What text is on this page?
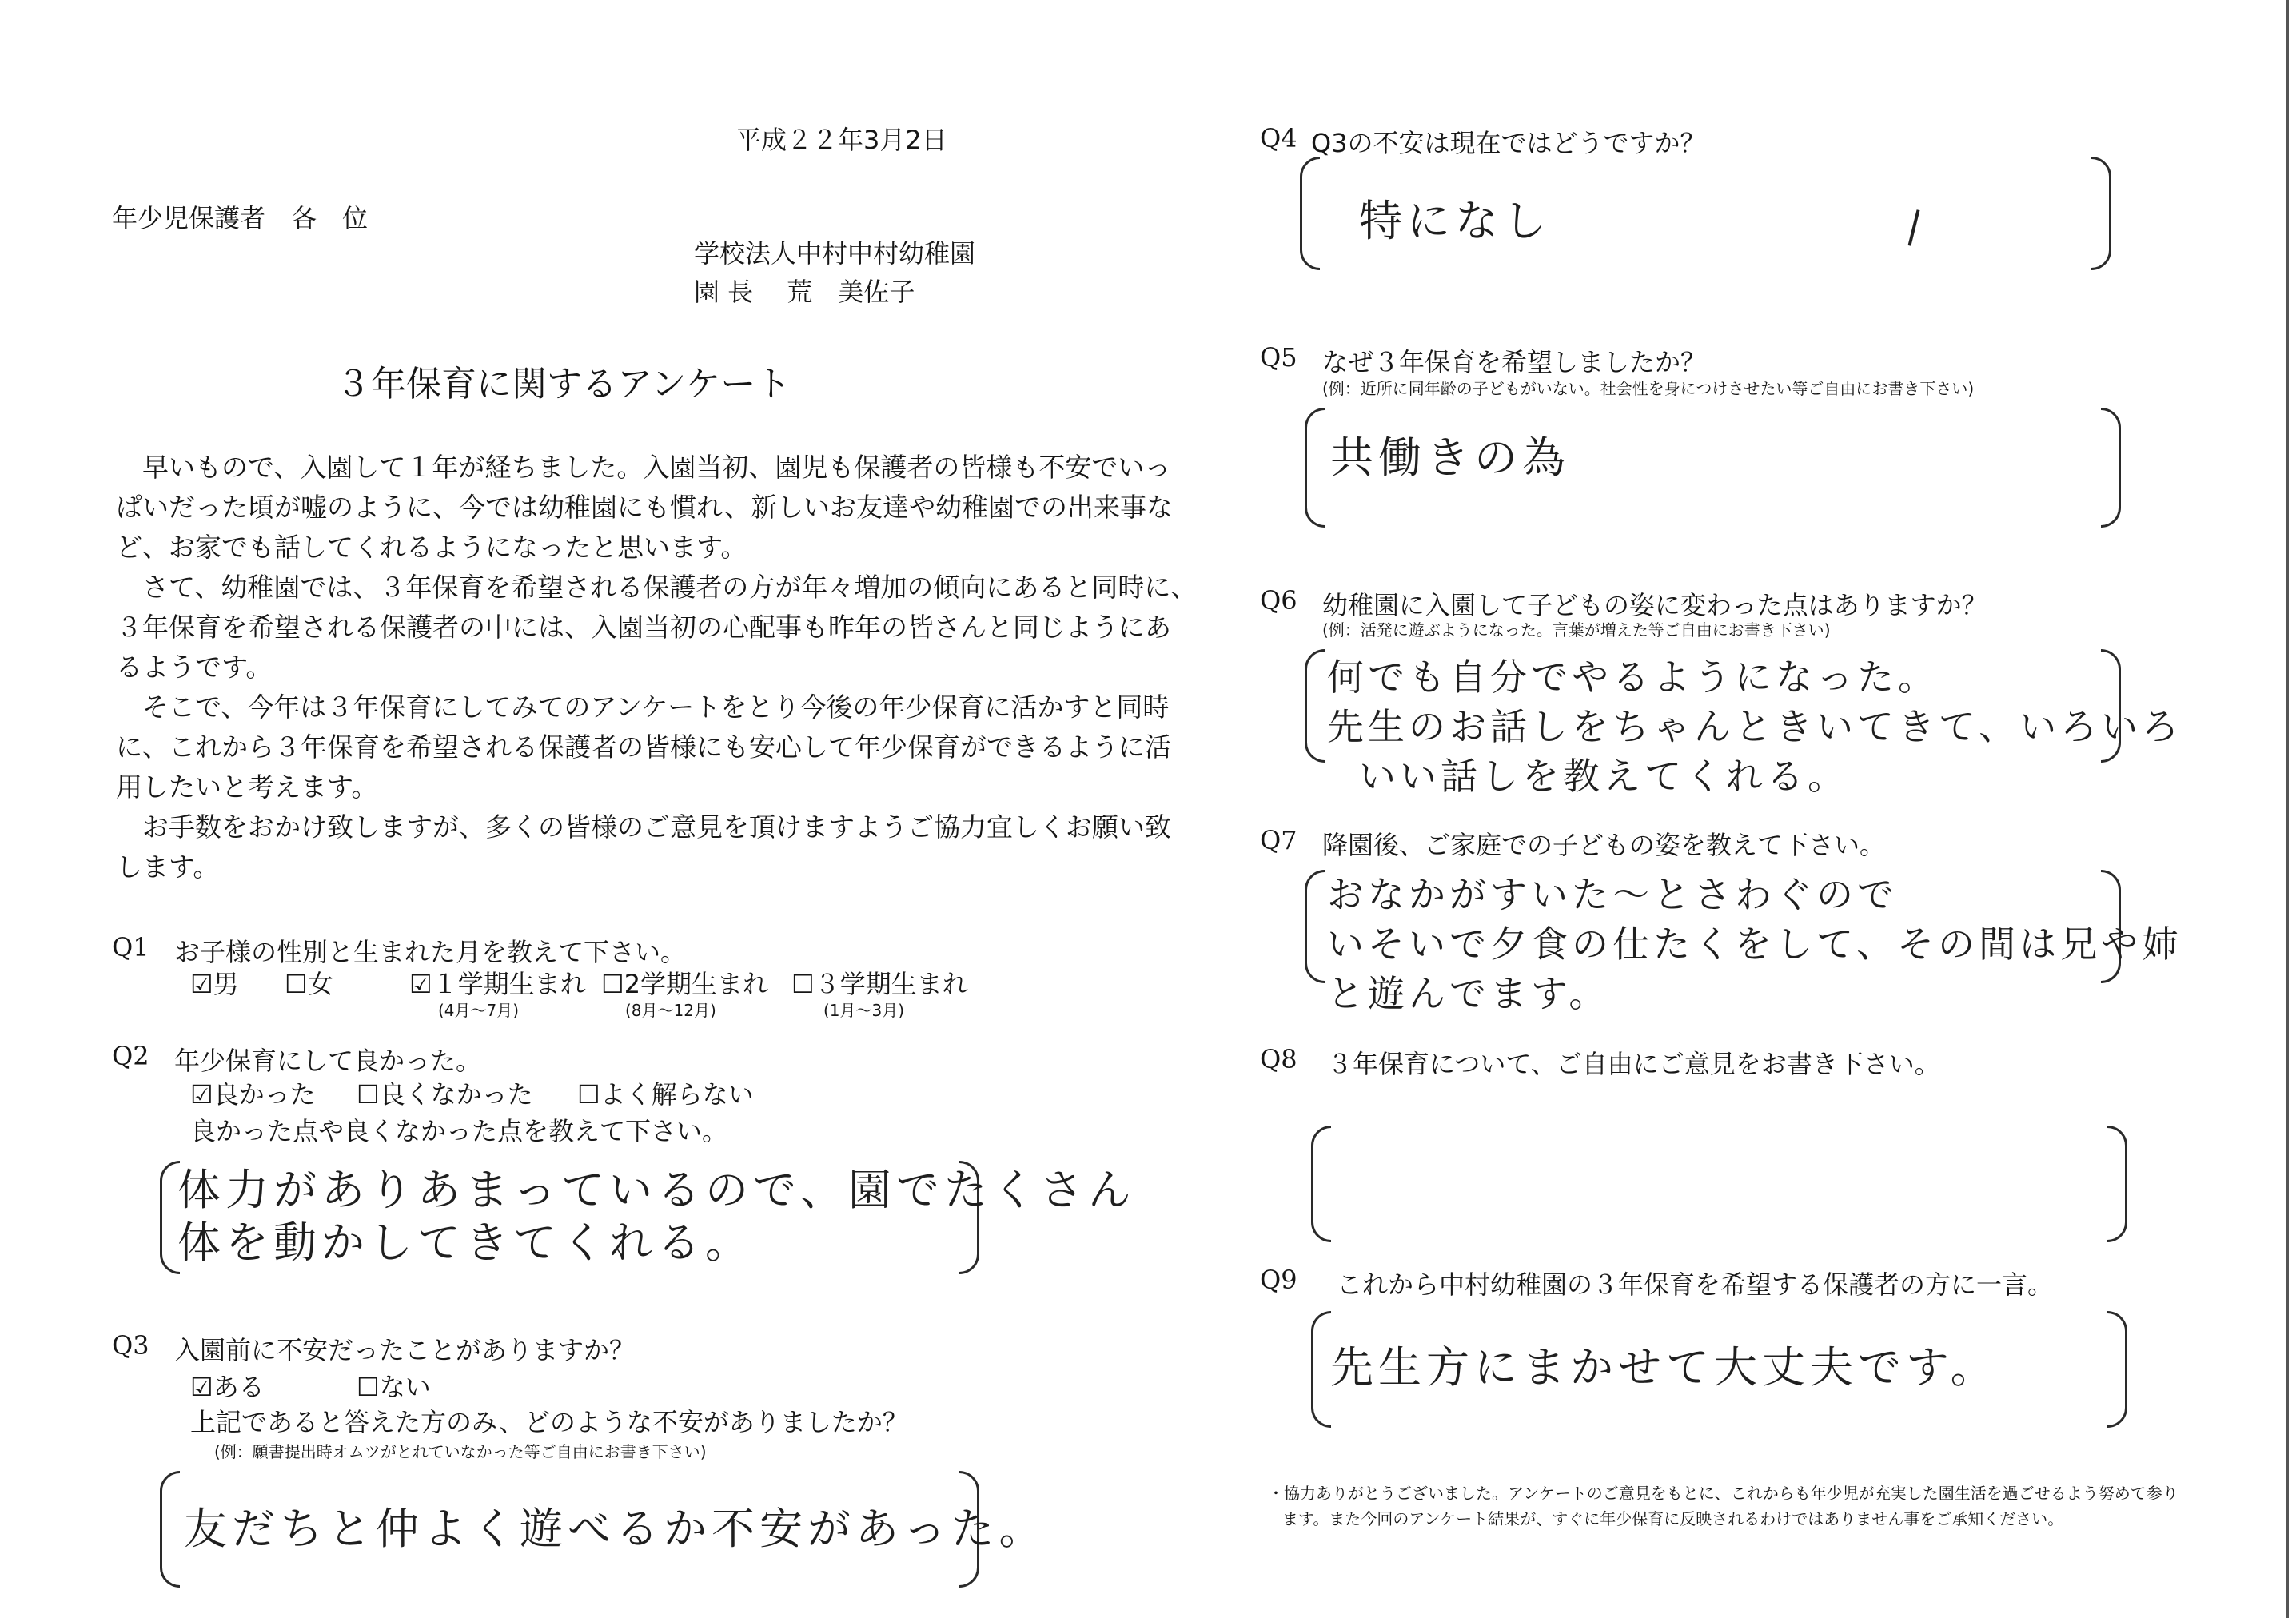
平成２２年3月2日
年少児保護者　各　位
学校法人中村中村幼稚園
園 長　 荒　美佐子
３年保育に関するアンケート
　早いもので、入園して１年が経ちました。入園当初、園児も保護者の皆様も不安でいっ
ぱいだった頃が嘘のように、今では幼稚園にも慣れ、新しいお友達や幼稚園での出来事な
ど、お家でも話してくれるようになったと思います。
　さて、幼稚園では、３年保育を希望される保護者の方が年々増加の傾向にあると同時に、
３年保育を希望される保護者の中には、入園当初の心配事も昨年の皆さんと同じようにあ
るようです。
　そこで、今年は３年保育にしてみてのアンケートをとり今後の年少保育に活かすと同時
に、これから３年保育を希望される保護者の皆様にも安心して年少保育ができるように活
用したいと考えます。
　お手数をおかけ致しますが、多くの皆様のご意見を頂けますようご協力宜しくお願い致
します。
Q1 お子様の性別と生まれた月を教えて下さい。
☑男 ☐女	☑１学期生まれ ☐2学期生まれ ☐３学期生まれ
(4月～7月)	(8月～12月)	(1月～3月)
Q2 年少保育にして良かった。
☑良かった ☐良くなかった ☐よく解らない
良かった点や良くなかった点を教えて下さい。
体力がありあまっているので、園でたくさん
体を動かしてきてくれる。
Q3 入園前に不安だったことがありますか？
☑ある	☐ない
上記であると答えた方のみ、どのような不安がありましたか？
(例：願書提出時オムツがとれていなかった等ご自由にお書き下さい)
友だちと仲よく遊べるか不安があった。
Q4 Q3の不安は現在ではどうですか？
特になし
Q5 なぜ３年保育を希望しましたか？
(例：近所に同年齢の子どもがいない。社会性を身につけさせたい等ご自由にお書き下さい)
共働きの為
Q6 幼稚園に入園して子どもの姿に変わった点はありますか？
(例：活発に遊ぶようになった。言葉が増えた等ご自由にお書き下さい)
何でも自分でやるようになった。
先生のお話しをちゃんときいてきて、いろいろ
いい話しを教えてくれる。
Q7 降園後、ご家庭での子どもの姿を教えて下さい。
おなかがすいた～とさわぐので
いそいで夕食の仕たくをして、その間は兄や姉
と遊んでます。
Q8 ３年保育について、ご自由にご意見をお書き下さい。
Q9 これから中村幼稚園の３年保育を希望する保護者の方に一言。
先生方にまかせて大丈夫です。
・協力ありがとうございました。アンケートのご意見をもとに、これからも年少児が充実した園生活を過ごせるよう努めて参り
ます。また今回のアンケート結果が、すぐに年少保育に反映されるわけではありません事をご承知ください。
